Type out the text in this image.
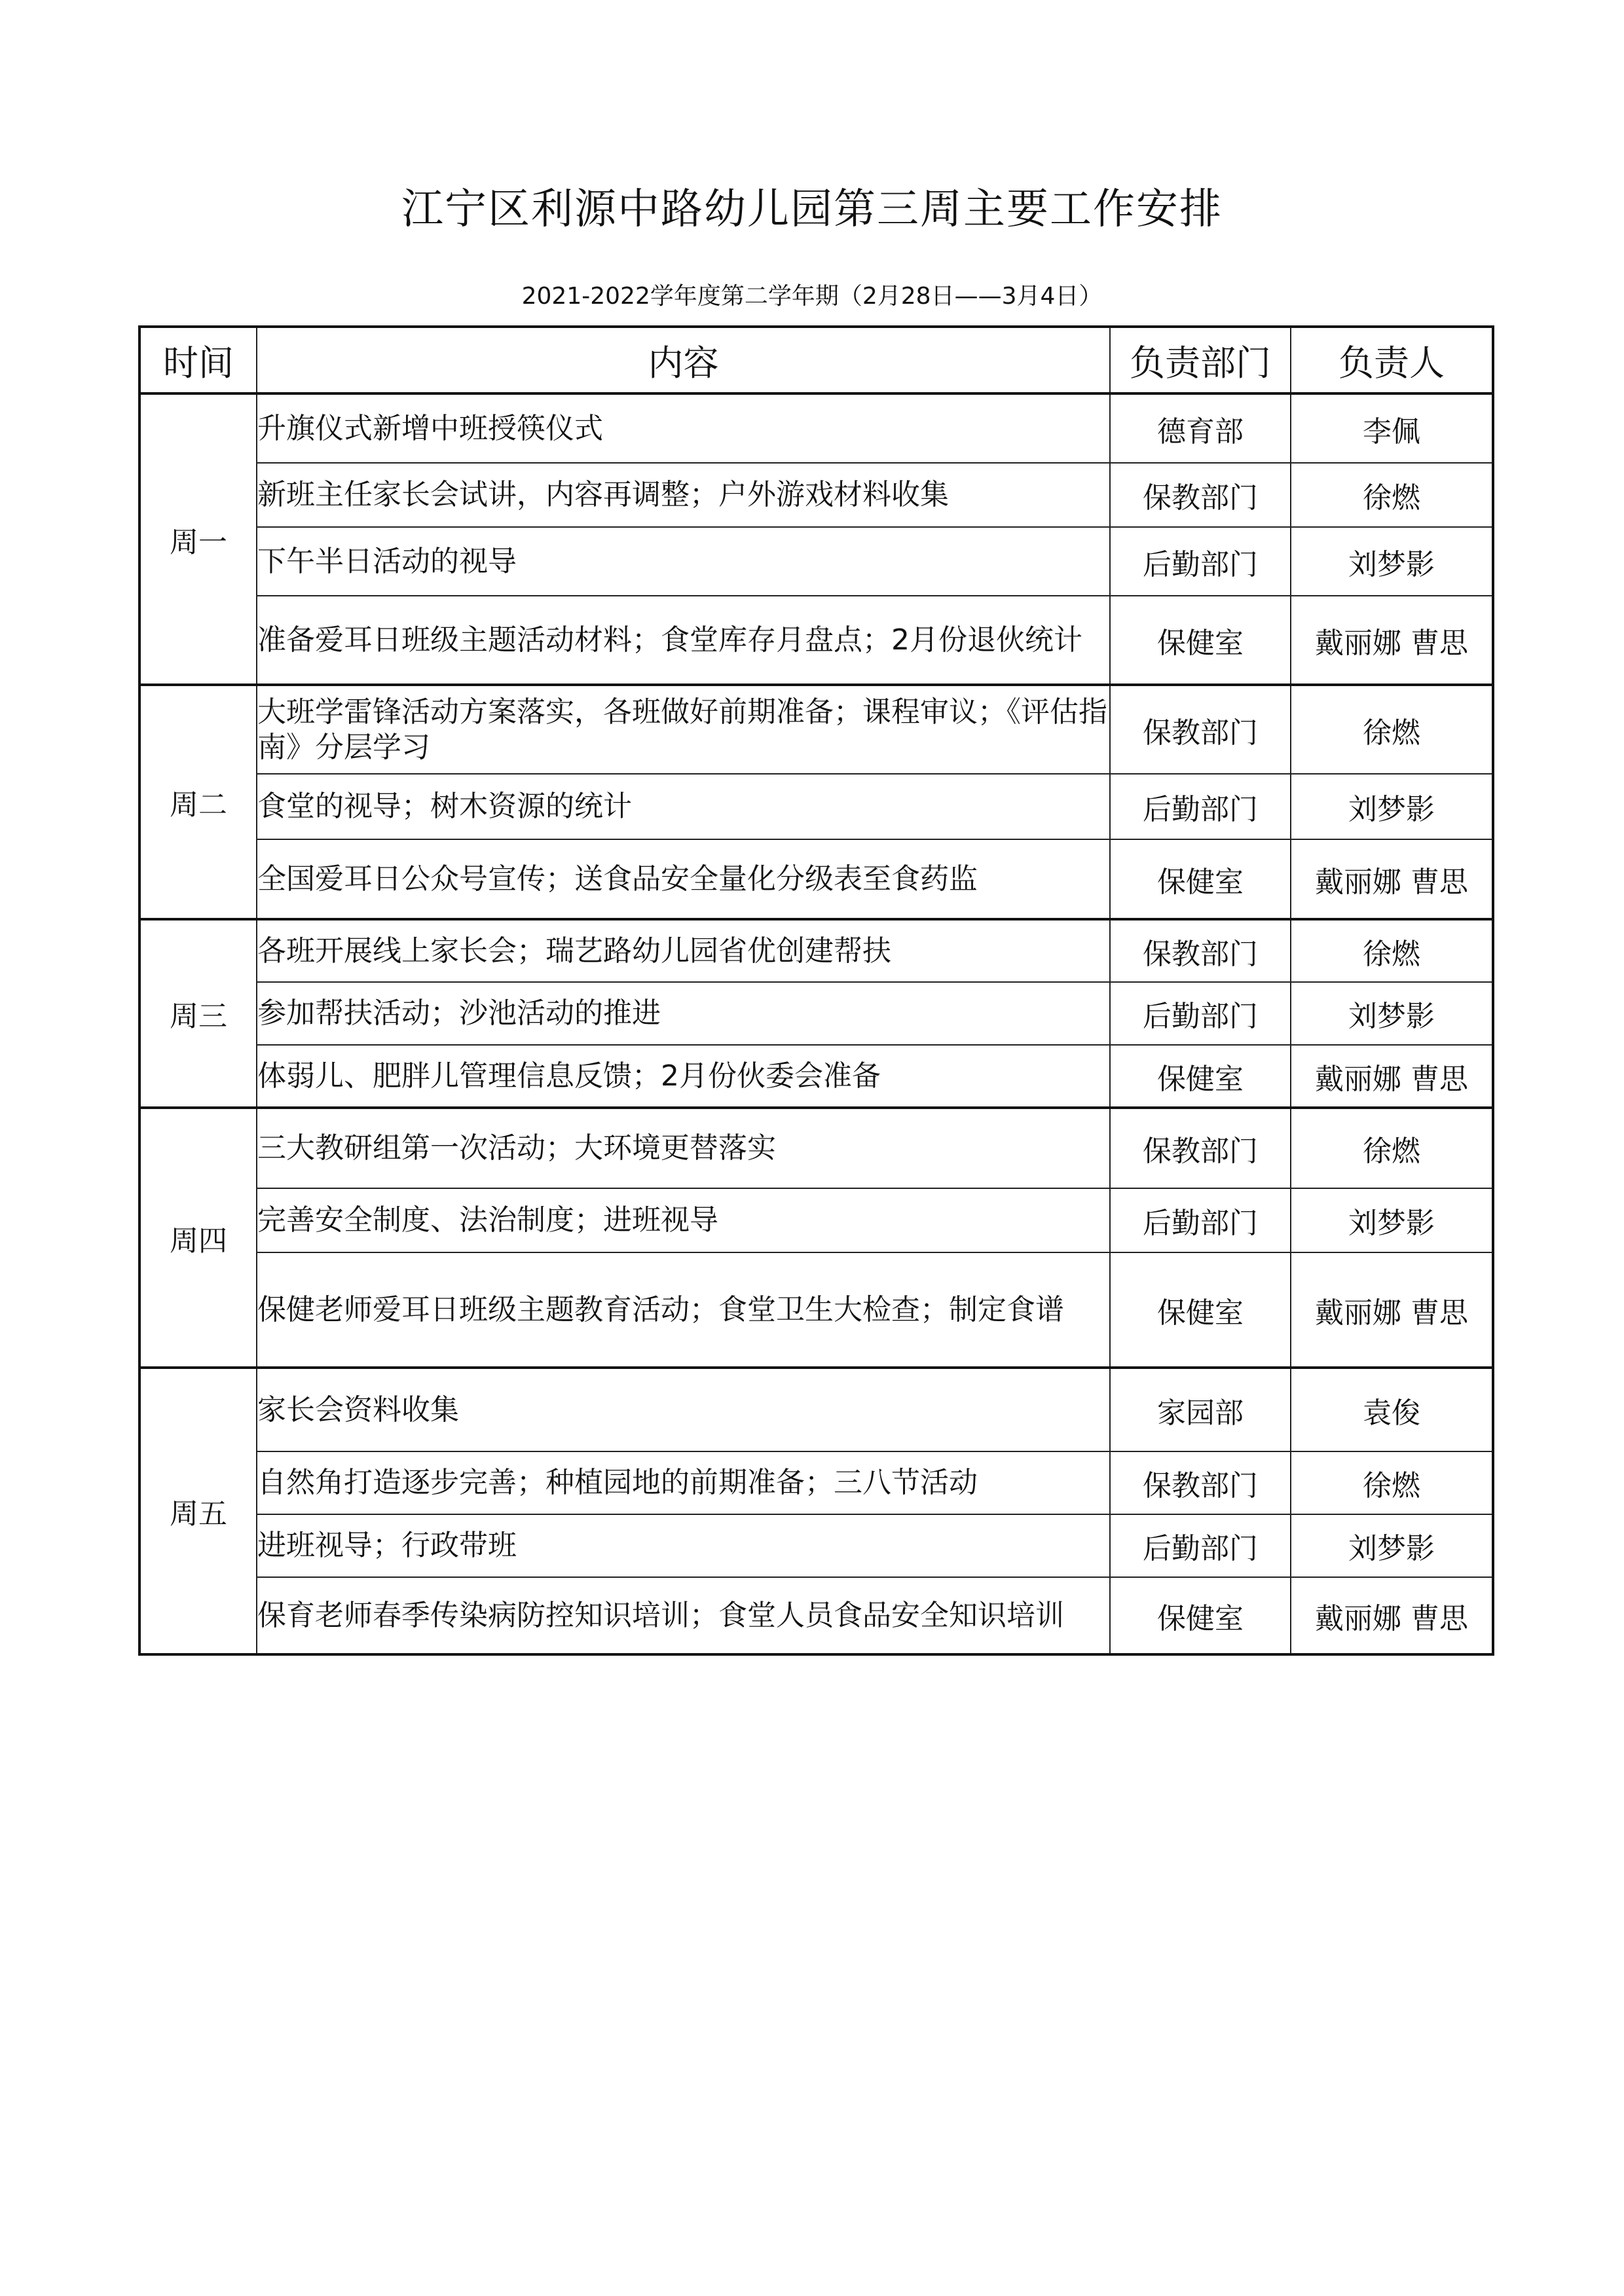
江宁区利源中路幼儿园第三周主要工作安排
2021-2022学年度第二学年期（2月28日——3月4日）
时间	内容	负责部门	负责人
周一	升旗仪式新增中班授筷仪式	德育部	李佩
	新班主任家长会试讲，内容再调整；户外游戏材料收集	保教部门	徐燃
	下午半日活动的视导	后勤部门	刘梦影
	准备爱耳日班级主题活动材料；食堂库存月盘点；2月份退伙统计	保健室	戴丽娜 曹思
周二	大班学雷锋活动方案落实，各班做好前期准备；课程审议；《评估指南》分层学习	保教部门	徐燃
	食堂的视导；树木资源的统计	后勤部门	刘梦影
	全国爱耳日公众号宣传；送食品安全量化分级表至食药监	保健室	戴丽娜 曹思
周三	各班开展线上家长会；瑞艺路幼儿园省优创建帮扶	保教部门	徐燃
	参加帮扶活动；沙池活动的推进	后勤部门	刘梦影
	体弱儿、肥胖儿管理信息反馈；2月份伙委会准备	保健室	戴丽娜 曹思
周四	三大教研组第一次活动；大环境更替落实	保教部门	徐燃
	完善安全制度、法治制度；进班视导	后勤部门	刘梦影
	保健老师爱耳日班级主题教育活动；食堂卫生大检查；制定食谱	保健室	戴丽娜 曹思
周五	家长会资料收集	家园部	袁俊
	自然角打造逐步完善；种植园地的前期准备；三八节活动	保教部门	徐燃
	进班视导；行政带班	后勤部门	刘梦影
	保育老师春季传染病防控知识培训；食堂人员食品安全知识培训	保健室	戴丽娜 曹思
